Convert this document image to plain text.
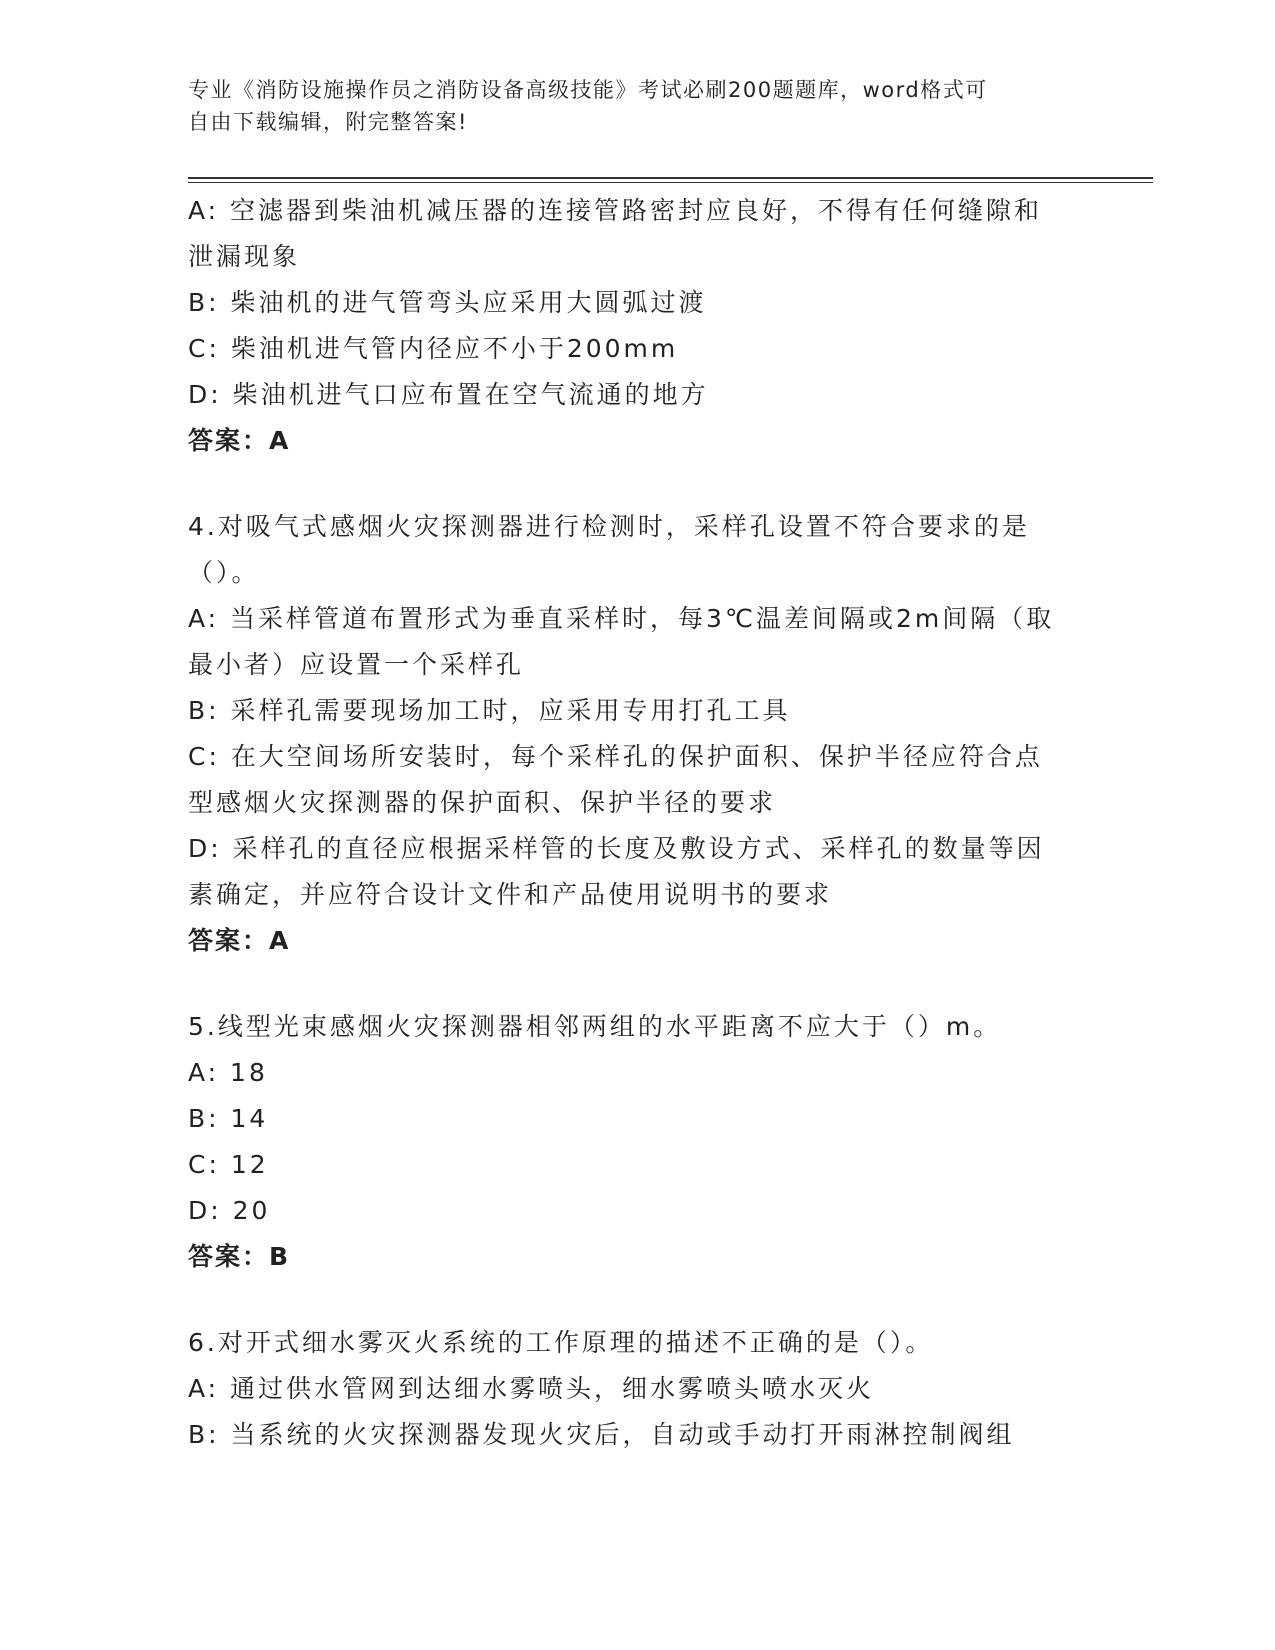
专业《消防设施操作员之消防设备高级技能》考试必刷200题题库，word格式可
自由下载编辑，附完整答案!
A: 空滤器到柴油机减压器的连接管路密封应良好，不得有任何缝隙和
泄漏现象
B: 柴油机的进气管弯头应采用大圆弧过渡
C: 柴油机进气管内径应不小于200mm
D: 柴油机进气口应布置在空气流通的地方
答案：A
4.对吸气式感烟火灾探测器进行检测时，采样孔设置不符合要求的是
（）。
A: 当采样管道布置形式为垂直采样时，每3℃温差间隔或2m间隔（取
最小者）应设置一个采样孔
B: 采样孔需要现场加工时，应采用专用打孔工具
C: 在大空间场所安装时，每个采样孔的保护面积、保护半径应符合点
型感烟火灾探测器的保护面积、保护半径的要求
D: 采样孔的直径应根据采样管的长度及敷设方式、采样孔的数量等因
素确定，并应符合设计文件和产品使用说明书的要求
答案：A
5.线型光束感烟火灾探测器相邻两组的水平距离不应大于（）m。
A: 18
B: 14
C: 12
D: 20
答案：B
6.对开式细水雾灭火系统的工作原理的描述不正确的是（）。
A: 通过供水管网到达细水雾喷头，细水雾喷头喷水灭火
B: 当系统的火灾探测器发现火灾后，自动或手动打开雨淋控制阀组
